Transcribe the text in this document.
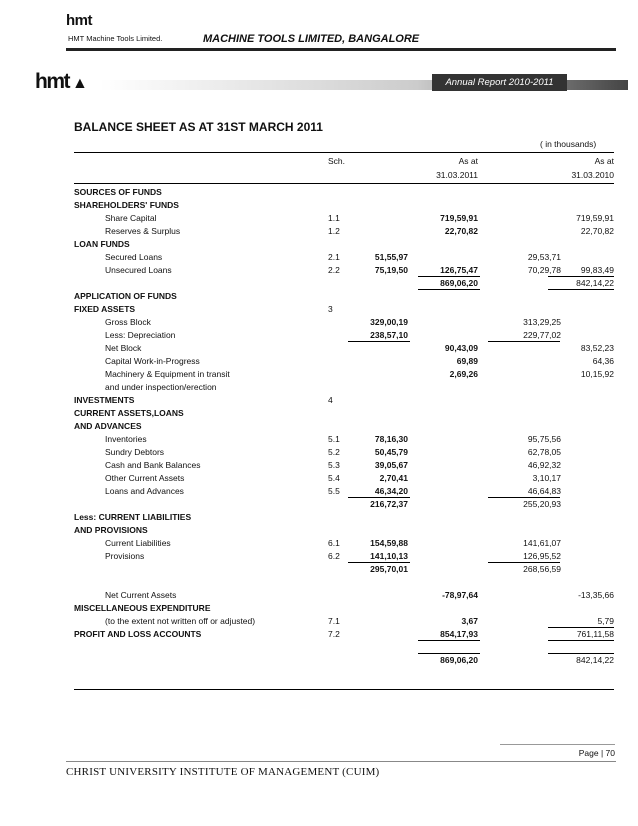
hmt
HMT Machine Tools Limited.	MACHINE TOOLS LIMITED, BANGALORE
hmt ▲	Annual Report 2010-2011
BALANCE SHEET AS AT 31ST MARCH 2011
( in thousands)
Sch.	As at
31.03.2011
As at
31.03.2010
SOURCES OF FUNDS
SHAREHOLDERS' FUNDS
Share Capital	1.1	719,59,91	719,59,91
Reserves & Surplus	1.2	22,70,82	22,70,82
LOAN FUNDS
Secured Loans	2.1	51,55,97	29,53,71
Unsecured Loans	2.2	75,19,50	126,75,47	70,29,78 99,83,49
869,06,20	842,14,22
APPLICATION OF FUNDS
FIXED ASSETS	3
Gross Block	329,00,19	313,29,25
Less: Depreciation	238,57,10	229,77,02
Net Block	90,43,09	83,52,23
Capital Work-in-Progress	69,89	64,36
Machinery & Equipment in transit	2,69,26	10,15,92
and under inspection/erection
INVESTMENTS	4
CURRENT ASSETS,LOANS
AND ADVANCES
Inventories	5.1	78,16,30	95,75,56
Sundry Debtors	5.2	50,45,79	62,78,05
Cash and Bank Balances	5.3	39,05,67	46,92,32
Other Current Assets	5.4	2,70,41	3,10,17
Loans and Advances	5.5	46,34,20	46,64,83
216,72,37	255,20,93
Less: CURRENT LIABILITIES
AND PROVISIONS
Current Liabilities	6.1	154,59,88	141,61,07
Provisions	6.2	141,10,13	126,95,52
295,70,01	268,56,59
Net Current Assets	-78,97,64	-13,35,66
MISCELLANEOUS EXPENDITURE
(to the extent not written off or adjusted)	7.1	3,67	5,79
PROFIT AND LOSS ACCOUNTS	7.2	854,17,93	761,11,58
869,06,20	842,14,22
Page | 70
CHRIST UNIVERSITY INSTITUTE OF MANAGEMENT (CUIM)
